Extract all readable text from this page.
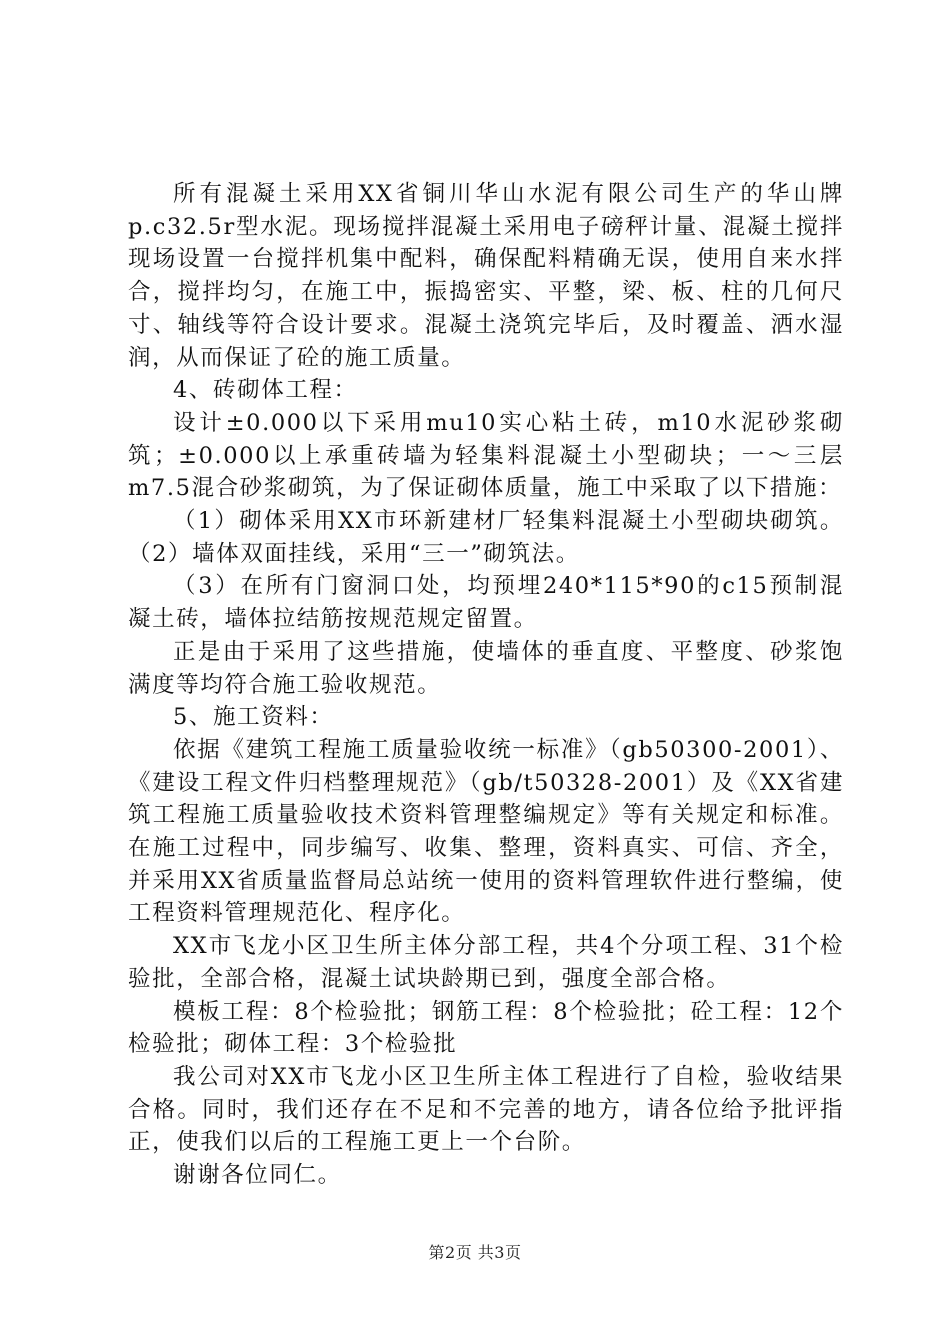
所有混凝土采用XX省铜川华山水泥有限公司生产的华山牌p.c32.5r型水泥。现场搅拌混凝土采用电子磅秤计量、混凝土搅拌现场设置一台搅拌机集中配料，确保配料精确无误，使用自来水拌合，搅拌均匀，在施工中，振捣密实、平整，梁、板、柱的几何尺寸、轴线等符合设计要求。混凝土浇筑完毕后，及时覆盖、洒水湿润，从而保证了砼的施工质量。

4、砖砌体工程：

设计±0.000以下采用mu10实心粘土砖，m10水泥砂浆砌筑；±0.000以上承重砖墙为轻集料混凝土小型砌块；一～三层m7.5混合砂浆砌筑，为了保证砌体质量，施工中采取了以下措施：

（1）砌体采用XX市环新建材厂轻集料混凝土小型砌块砌筑。（2）墙体双面挂线，采用“三一”砌筑法。

（3）在所有门窗洞口处，均预埋240*115*90的c15预制混凝土砖，墙体拉结筋按规范规定留置。

正是由于采用了这些措施，使墙体的垂直度、平整度、砂浆饱满度等均符合施工验收规范。

5、施工资料：

依据《建筑工程施工质量验收统一标准》（gb50300-2001）、《建设工程文件归档整理规范》（gb/t50328-2001）及《XX省建筑工程施工质量验收技术资料管理整编规定》等有关规定和标准。在施工过程中，同步编写、收集、整理，资料真实、可信、齐全，并采用XX省质量监督局总站统一使用的资料管理软件进行整编，使工程资料管理规范化、程序化。

XX市飞龙小区卫生所主体分部工程，共4个分项工程、31个检验批，全部合格，混凝土试块龄期已到，强度全部合格。

模板工程：8个检验批；钢筋工程：8个检验批；砼工程：12个检验批；砌体工程：3个检验批

我公司对XX市飞龙小区卫生所主体工程进行了自检，验收结果合格。同时，我们还存在不足和不完善的地方，请各位给予批评指正，使我们以后的工程施工更上一个台阶。

谢谢各位同仁。

第2页 共3页
